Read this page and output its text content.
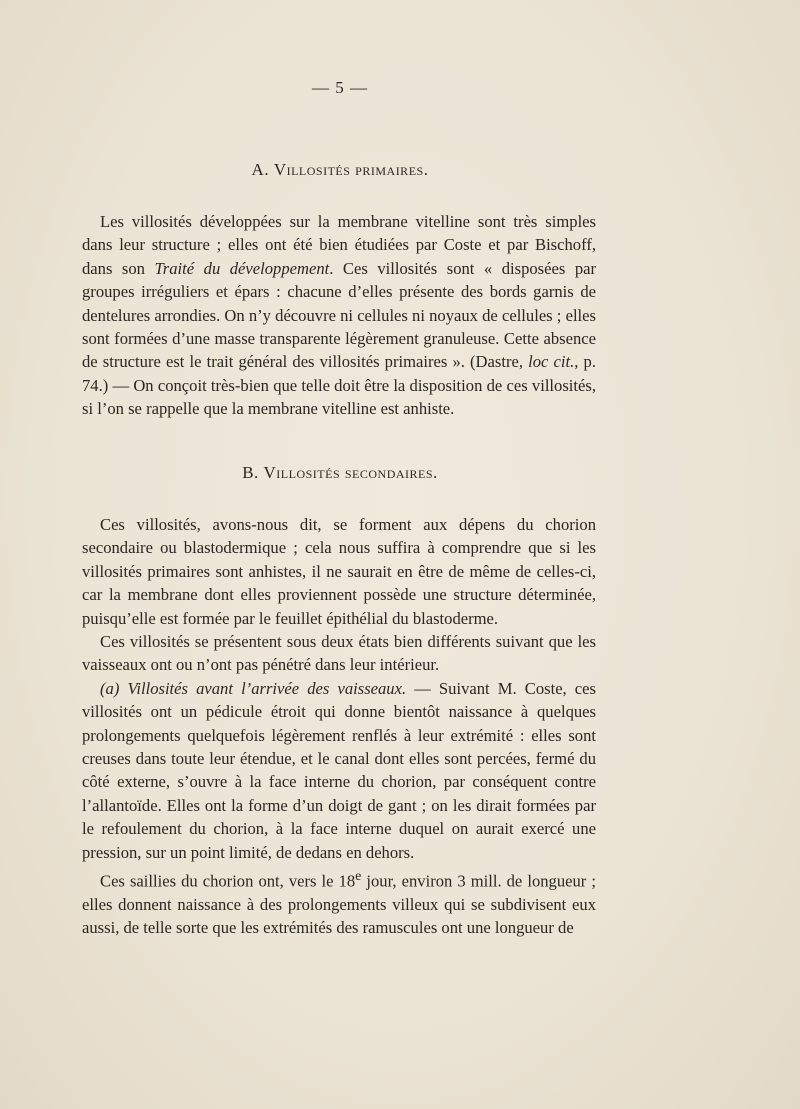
— 5 —
A. Villosités primaires.

Les villosités développées sur la membrane vitelline sont très simples dans leur structure ; elles ont été bien étudiées par Coste et par Bischoff, dans son Traité du développement. Ces villosités sont « disposées par groupes irréguliers et épars : chacune d’elles présente des bords garnis de dentelures arrondies. On n’y découvre ni cellules ni noyaux de cellules ; elles sont formées d’une masse transparente légèrement granuleuse. Cette absence de structure est le trait général des villosités primaires ». (Dastre, loc cit., p. 74.) — On conçoit très-bien que telle doit être la disposition de ces villosités, si l’on se rappelle que la membrane vitelline est anhiste.

B. Villosités secondaires.

Ces villosités, avons-nous dit, se forment aux dépens du chorion secondaire ou blastodermique ; cela nous suffira à comprendre que si les villosités primaires sont anhistes, il ne saurait en être de même de celles-ci, car la membrane dont elles proviennent possède une structure déterminée, puisqu’elle est formée par le feuillet épithélial du blastoderme.

Ces villosités se présentent sous deux états bien différents suivant que les vaisseaux ont ou n’ont pas pénétré dans leur intérieur.

(a) Villosités avant l’arrivée des vaisseaux. — Suivant M. Coste, ces villosités ont un pédicule étroit qui donne bientôt naissance à quelques prolongements quelquefois légèrement renflés à leur extrémité : elles sont creuses dans toute leur étendue, et le canal dont elles sont percées, fermé du côté externe, s’ouvre à la face interne du chorion, par conséquent contre l’allantoïde. Elles ont la forme d’un doigt de gant ; on les dirait formées par le refoulement du chorion, à la face interne duquel on aurait exercé une pression, sur un point limité, de dedans en dehors.

Ces saillies du chorion ont, vers le 18e jour, environ 3 mill. de longueur ; elles donnent naissance à des prolongements villeux qui se subdivisent eux aussi, de telle sorte que les extrémités des ramuscules ont une longueur de
